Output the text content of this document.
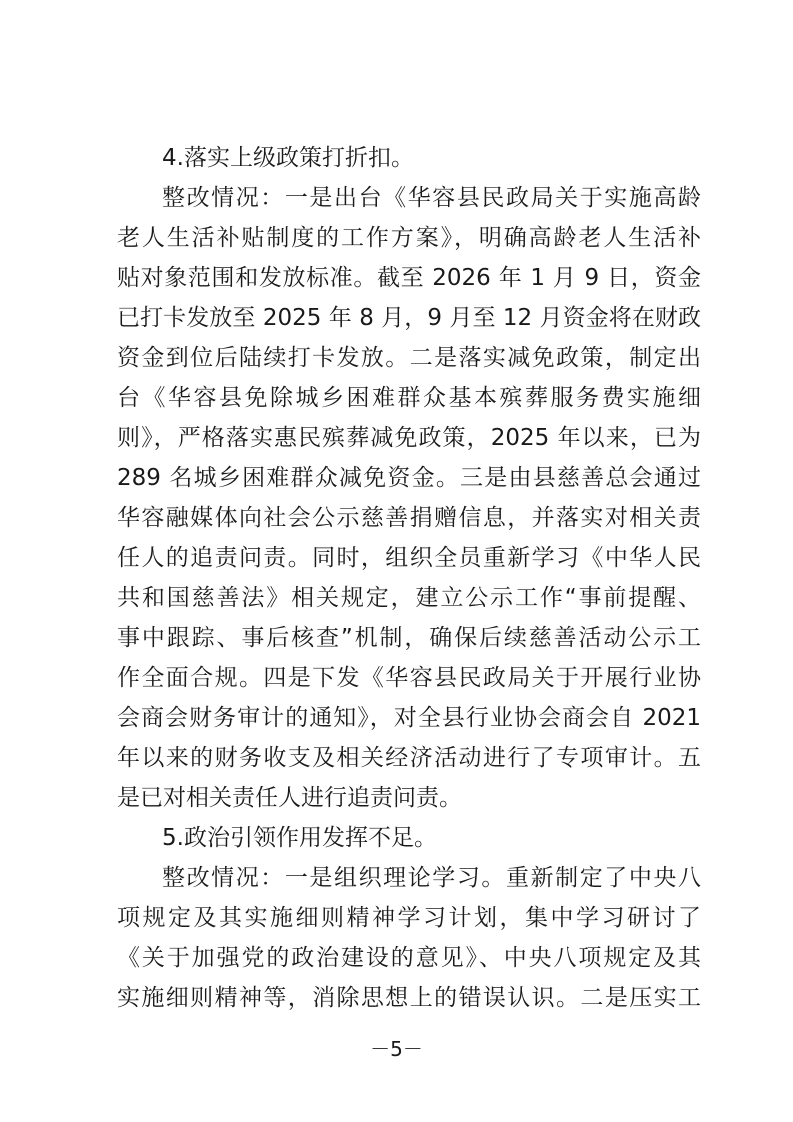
4.落实上级政策打折扣。
整改情况：一是出台《华容县民政局关于实施高龄
老人生活补贴制度的工作方案》，明确高龄老人生活补
贴对象范围和发放标准。截至 2026 年 1 月 9 日，资金
已打卡发放至 2025 年 8 月，9 月至 12 月资金将在财政
资金到位后陆续打卡发放。二是落实减免政策，制定出
台《华容县免除城乡困难群众基本殡葬服务费实施细
则》，严格落实惠民殡葬减免政策，2025 年以来，已为
289 名城乡困难群众减免资金。三是由县慈善总会通过
华容融媒体向社会公示慈善捐赠信息，并落实对相关责
任人的追责问责。同时，组织全员重新学习《中华人民
共和国慈善法》相关规定，建立公示工作“事前提醒、
事中跟踪、事后核查”机制，确保后续慈善活动公示工
作全面合规。四是下发《华容县民政局关于开展行业协
会商会财务审计的通知》，对全县行业协会商会自 2021
年以来的财务收支及相关经济活动进行了专项审计。五
是已对相关责任人进行追责问责。
5.政治引领作用发挥不足。
整改情况：一是组织理论学习。重新制定了中央八
项规定及其实施细则精神学习计划，集中学习研讨了
《关于加强党的政治建设的意见》、中央八项规定及其
实施细则精神等，消除思想上的错误认识。二是压实工
－5－
